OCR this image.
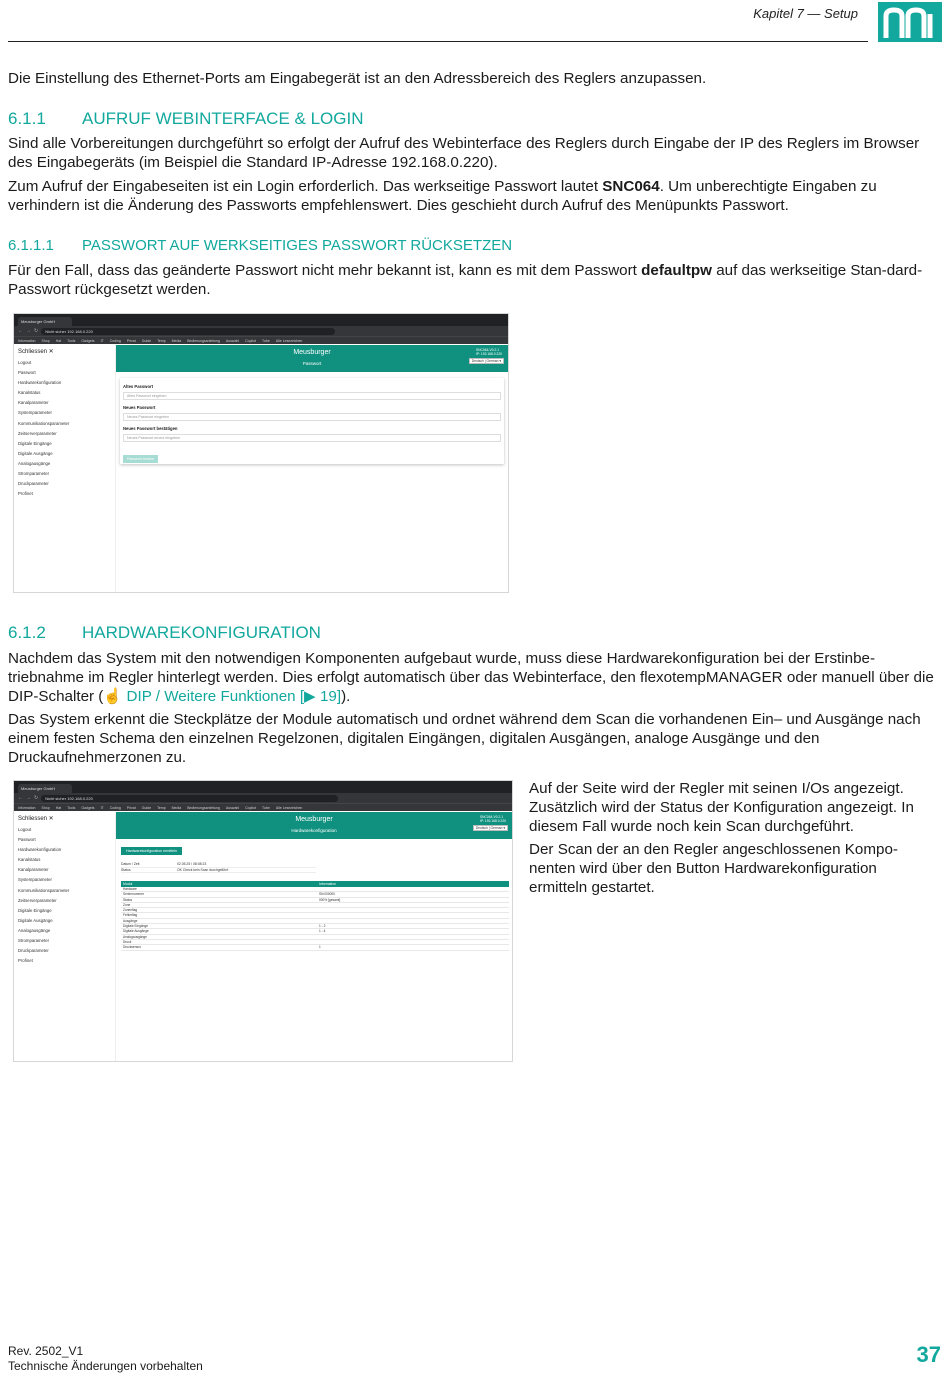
Kapitel 7 — Setup
Die Einstellung des Ethernet-Ports am Eingabegerät ist an den Adressbereich des Reglers anzupassen.
6.1.1 AUFRUF WEBINTERFACE & LOGIN
Sind alle Vorbereitungen durchgeführt so erfolgt der Aufruf des Webinterface des Reglers durch Eingabe der IP des Reglers im Browser des Eingabegeräts (im Beispiel die Standard IP-Adresse 192.168.0.220).
Zum Aufruf der Eingabeseiten ist ein Login erforderlich. Das werkseitige Passwort lautet SNC064. Um unberechtigte Eingaben zu verhindern ist die Änderung des Passworts empfehlenswert. Dies geschieht durch Aufruf des Menüpunkts Passwort.
6.1.1.1 PASSWORT AUF WERKSEITIGES PASSWORT RÜCKSETZEN
Für den Fall, dass das geänderte Passwort nicht mehr bekannt ist, kann es mit dem Passwort defaultpw auf das werkseitige Stan-dard-Passwort rückgesetzt werden.
Meusburger GmbH
← → ↻	Nicht sicher 192.168.0.220
Information Shop Hat Tools Gadgets IT Coding Privat Guide Temp Media Bedienungsanleitung Auswahl Copilot Tube Alle Lesezeichen
Schliessen ✕
Logout
Passwort
Hardwarekonfiguration
Kanalstatus
Kanalparameter
Systemparameter
Kommunikationsparameter
Zeitserverparameter
Digitale Eingänge
Digitale Ausgänge
Analogausgänge
Stromparameter
Druckparameter
Profinet
Meusburger
Passwort
SNC064-V0.2.1
IP: 192.168.0.220
Deutsch | German ▾
Altes Passwort
Altes Passwort eingeben
Neues Passwort
Neues Passwort eingeben
Neues Passwort bestätigen
Neues Passwort erneut eingeben
Passwort ändern
6.1.2 HARDWAREKONFIGURATION
Nachdem das System mit den notwendigen Komponenten aufgebaut wurde, muss diese Hardwarekonfiguration bei der Erstinbe-triebnahme im Regler hinterlegt werden. Dies erfolgt automatisch über das Webinterface, den flexotempMANAGER oder manuell über die DIP-Schalter (☝ DIP / Weitere Funktionen [▶ 19]).
Das System erkennt die Steckplätze der Module automatisch und ordnet während dem Scan die vorhandenen Ein– und Ausgänge nach einem festen Schema den einzelnen Regelzonen, digitalen Eingängen, digitalen Ausgängen, analoge Ausgänge und den Druckaufnehmerzonen zu.
Meusburger GmbH
← → ↻	Nicht sicher 192.168.0.220
Information Shop Hat Tools Gadgets IT Coding Privat Guide Temp Media Bedienungsanleitung Auswahl Copilot Tube Alle Lesezeichen
Schliessen ✕
Logout
Passwort
Hardwarekonfiguration
Kanalstatus
Kanalparameter
Systemparameter
Kommunikationsparameter
Zeitserverparameter
Digitale Eingänge
Digitale Ausgänge
Analogausgänge
Stromparameter
Druckparameter
Profinet
Meusburger
Hardwarekonfiguration
SNC064-V0.2.1
IP: 192.168.0.220
Deutsch | German ▾
Hardwarekonfiguration ermitteln
Datum / Zeit	02.05.25 / 08:08:23
Status	OK Check kein Scan durchgeführt
Modul	Information
Hardware
Seriennummer	SN:000000
Status	000% [gesamt]
Zone
Zonenflag
Fehlerflag
Ausgänge
Digitale Eingänge	1 - 2
Digitale Ausgänge	1 - 4
Analogausgänge
Druck
Drucksensor	1
Auf der Seite wird der Regler mit seinen I/Os angezeigt. Zusätzlich wird der Status der Konfiguration angezeigt. In diesem Fall wurde noch kein Scan durchgeführt.
Der Scan der an den Regler angeschlossenen Kompo-nenten wird über den Button Hardwarekonfiguration ermitteln gestartet.
Rev. 2502_V1
Technische Änderungen vorbehalten	37
